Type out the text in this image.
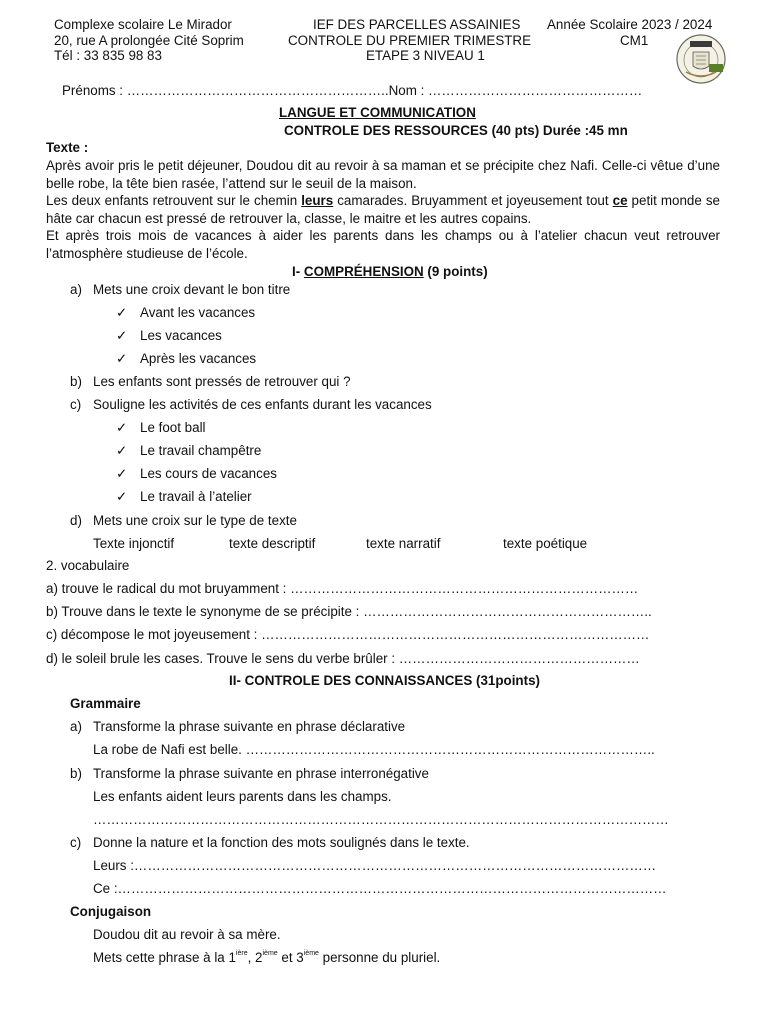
Complexe scolaire Le Mirador
20, rue A prolongée Cité Soprim
Tél : 33 835 98 83
IEF DES PARCELLES ASSAINIES
CONTROLE DU PREMIER TRIMESTRE
ETAPE 3 NIVEAU 1
Année Scolaire 2023 / 2024
CM1
Prénoms : …………………………………………………..Nom : …………………………………………
LANGUE ET COMMUNICATION
CONTROLE DES RESSOURCES (40 pts) Durée :45 mn
Texte :
Après avoir pris le petit déjeuner, Doudou dit au revoir à sa maman et se précipite chez Nafi. Celle-ci vêtue d’une belle robe, la tête bien rasée, l’attend sur le seuil de la maison.
Les deux enfants retrouvent sur le chemin leurs camarades. Bruyamment et joyeusement tout ce petit monde se hâte car chacun est pressé de retrouver la, classe, le maitre et les autres copains.
Et après trois mois de vacances à aider les parents dans les champs ou à l’atelier chacun veut retrouver l’atmosphère studieuse de l’école.
I- COMPRÉHENSION (9 points)
a) Mets une croix devant le bon titre
✓ Avant les vacances
✓ Les vacances
✓ Après les vacances
b) Les enfants sont pressés de retrouver qui ?
c) Souligne les activités de ces enfants durant les vacances
✓ Le foot ball
✓ Le travail champêtre
✓ Les cours de vacances
✓ Le travail à l’atelier
d) Mets une croix sur le type de texte
Texte injonctif	texte descriptif	texte narratif	texte poétique
2. vocabulaire
a) trouve le radical du mot bruyamment : ……………………………………………………………………
b) Trouve dans le texte le synonyme de se précipite : ………………………………………………………..
c) décompose le mot joyeusement : ……………………………………………………………………………
d) le soleil brule les cases. Trouve le sens du verbe brûler : ………………………………………………
II- CONTROLE DES CONNAISSANCES (31points)
Grammaire
a) Transforme la phrase suivante en phrase déclarative
La robe de Nafi est belle. ………………………………………………………………………………..
b) Transforme la phrase suivante en phrase interronégative
Les enfants aident leurs parents dans les champs.
…………………………………………………………………………………………………………………
c) Donne la nature et la fonction des mots soulignés dans le texte.
Leurs :………………………………………………………………………………………………………
Ce :……………………………………………………………………………………………………………
Conjugaison
Doudou dit au revoir à sa mère.
Mets cette phrase à la $1^{ière}$, 2ième et 3ième personne du pluriel.
